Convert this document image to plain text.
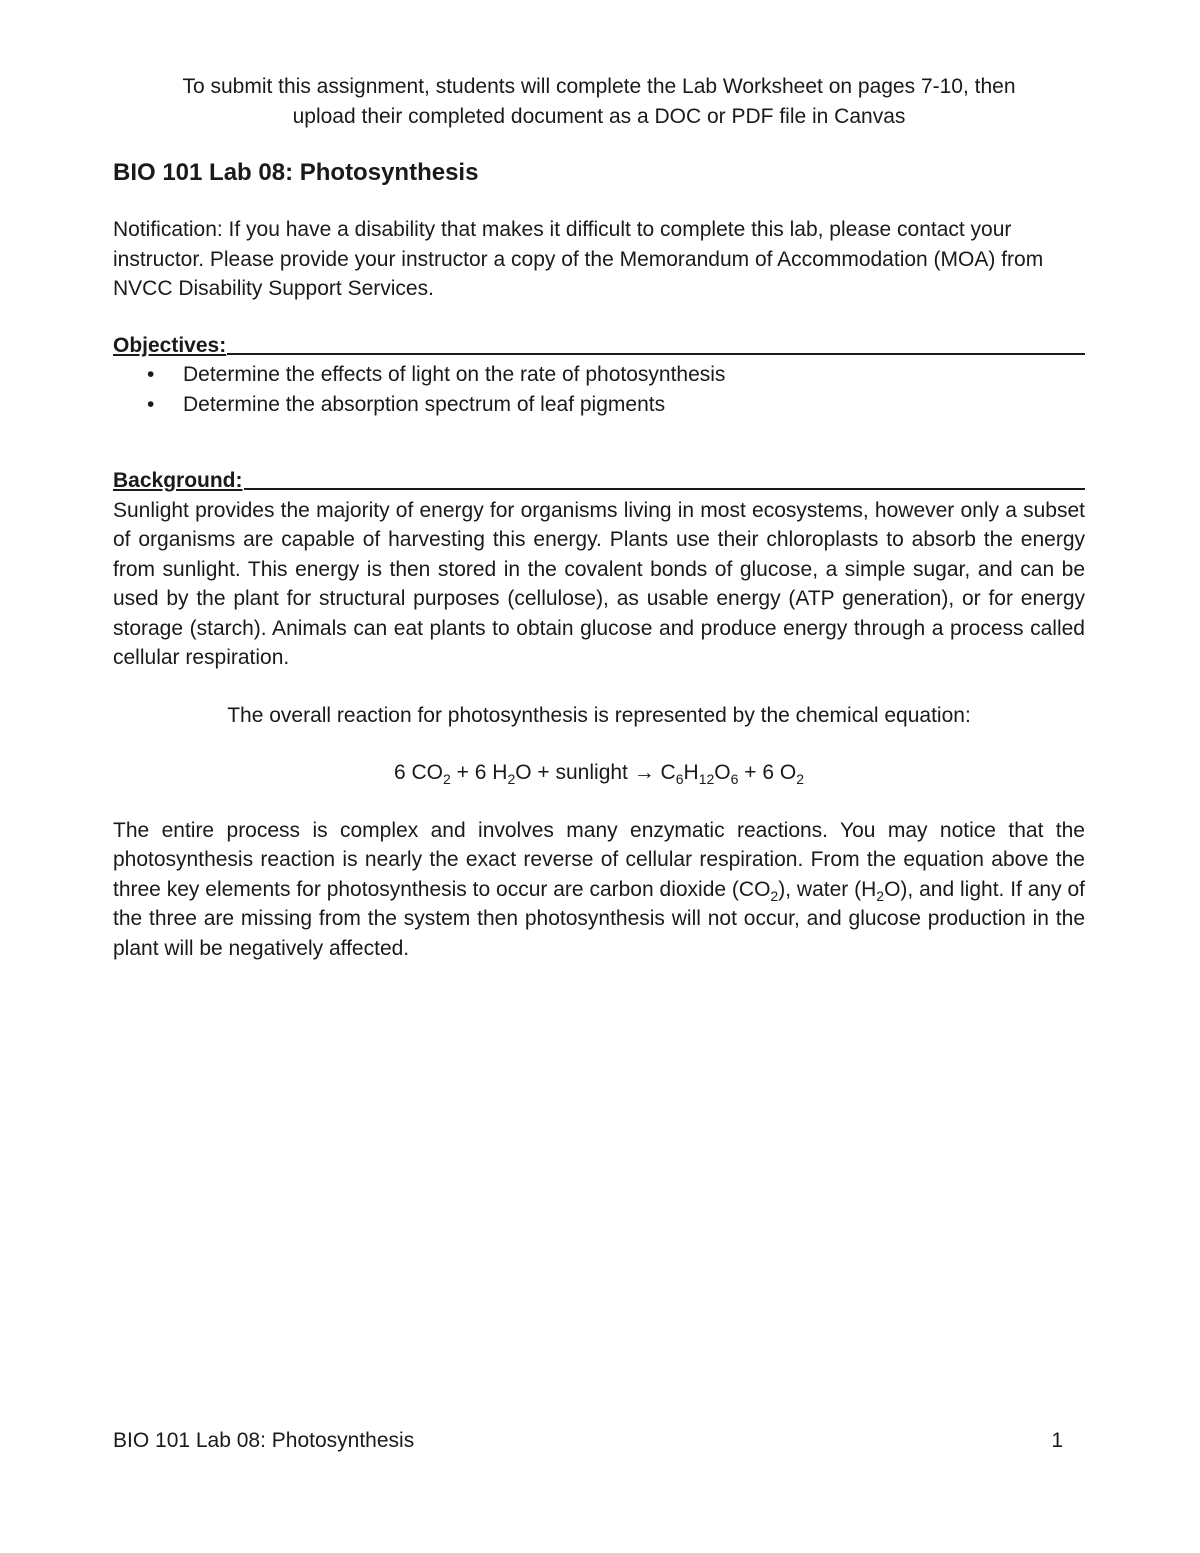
To submit this assignment, students will complete the Lab Worksheet on pages 7-10, then
upload their completed document as a DOC or PDF file in Canvas

BIO 101 Lab 08: Photosynthesis

Notification: If you have a disability that makes it difficult to complete this lab, please contact your instructor. Please provide your instructor a copy of the Memorandum of Accommodation (MOA) from NVCC Disability Support Services.

Objectives:
• Determine the effects of light on the rate of photosynthesis
• Determine the absorption spectrum of leaf pigments
Background:

Sunlight provides the majority of energy for organisms living in most ecosystems, however only a subset of organisms are capable of harvesting this energy. Plants use their chloroplasts to absorb the energy from sunlight. This energy is then stored in the covalent bonds of glucose, a simple sugar, and can be used by the plant for structural purposes (cellulose), as usable energy (ATP generation), or for energy storage (starch). Animals can eat plants to obtain glucose and produce energy through a process called cellular respiration.

The overall reaction for photosynthesis is represented by the chemical equation:

6 $CO_2 + 6$ $H_2O$ + sunlight → $C_6H_{12}O_6 + 6$ $O_2$

The entire process is complex and involves many enzymatic reactions. You may notice that the photosynthesis reaction is nearly the exact reverse of cellular respiration. From the equation above the three key elements for photosynthesis to occur are carbon dioxide $(CO_2)$, water $(H_2O)$, and light. If any of the three are missing from the system then photosynthesis will not occur, and glucose production in the plant will be negatively affected.

BIO 101 Lab 08: Photosynthesis	1
